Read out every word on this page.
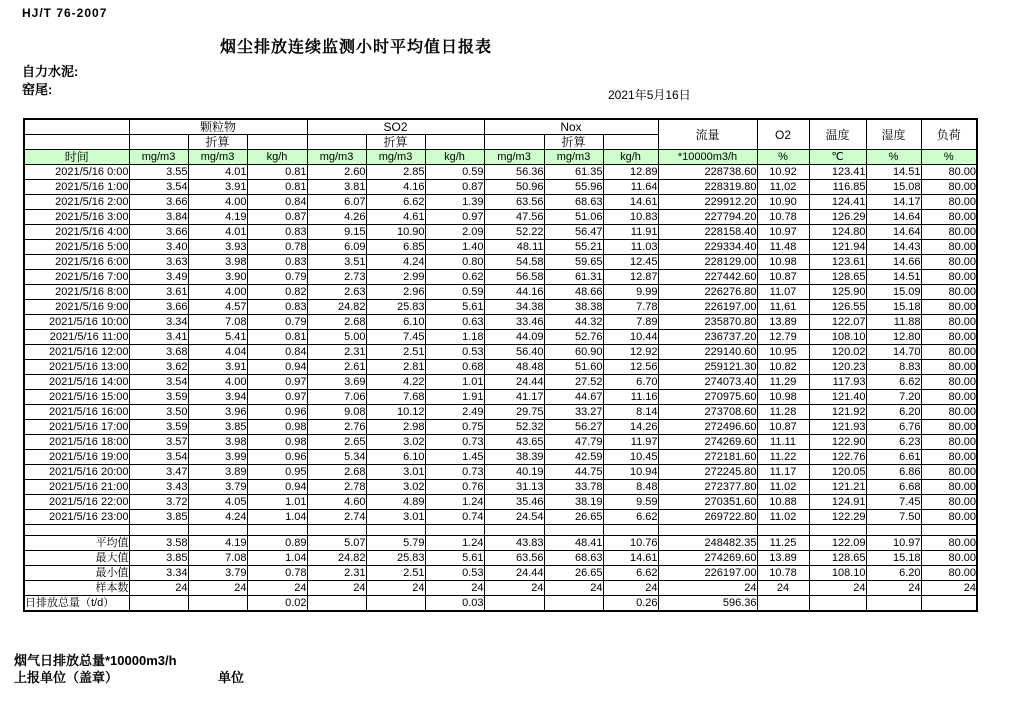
HJ/T 76-2007
烟尘排放连续监测小时平均值日报表
自力水泥:
窑尾:	2021年5月16日
	颗粒物			SO2			Nox			流量	O2	温度	湿度	负荷
		折算			折算			折算						
时间	mg/m3	mg/m3	kg/h	mg/m3	mg/m3	kg/h	mg/m3	mg/m3	kg/h	*10000m3/h	%	℃	%	%
2021/5/16 0:00	3.55	4.01	0.81	2.60	2.85	0.59	56.36	61.35	12.89	228738.60	10.92	123.41	14.51	80.00
2021/5/16 1:00	3.54	3.91	0.81	3.81	4.16	0.87	50.96	55.96	11.64	228319.80	11.02	116.85	15.08	80.00
2021/5/16 2:00	3.66	4.00	0.84	6.07	6.62	1.39	63.56	68.63	14.61	229912.20	10.90	124.41	14.17	80.00
2021/5/16 3:00	3.84	4.19	0.87	4.26	4.61	0.97	47.56	51.06	10.83	227794.20	10.78	126.29	14.64	80.00
2021/5/16 4:00	3.66	4.01	0.83	9.15	10.90	2.09	52.22	56.47	11.91	228158.40	10.97	124.80	14.64	80.00
2021/5/16 5:00	3.40	3.93	0.78	6.09	6.85	1.40	48.11	55.21	11.03	229334.40	11.48	121.94	14.43	80.00
2021/5/16 6:00	3.63	3.98	0.83	3.51	4.24	0.80	54.58	59.65	12.45	228129.00	10.98	123.61	14.66	80.00
2021/5/16 7:00	3.49	3.90	0.79	2.73	2.99	0.62	56.58	61.31	12.87	227442.60	10.87	128.65	14.51	80.00
2021/5/16 8:00	3.61	4.00	0.82	2.63	2.96	0.59	44.16	48.66	9.99	226276.80	11.07	125.90	15.09	80.00
2021/5/16 9:00	3.66	4.57	0.83	24.82	25.83	5.61	34.38	38.38	7.78	226197.00	11.61	126.55	15.18	80.00
2021/5/16 10:00	3.34	7.08	0.79	2.68	6.10	0.63	33.46	44.32	7.89	235870.80	13.89	122.07	11.88	80.00
2021/5/16 11:00	3.41	5.41	0.81	5.00	7.45	1.18	44.09	52.76	10.44	236737.20	12.79	108.10	12.80	80.00
2021/5/16 12:00	3.68	4.04	0.84	2.31	2.51	0.53	56.40	60.90	12.92	229140.60	10.95	120.02	14.70	80.00
2021/5/16 13:00	3.62	3.91	0.94	2.61	2.81	0.68	48.48	51.60	12.56	259121.30	10.82	120.23	8.83	80.00
2021/5/16 14:00	3.54	4.00	0.97	3.69	4.22	1.01	24.44	27.52	6.70	274073.40	11.29	117.93	6.62	80.00
2021/5/16 15:00	3.59	3.94	0.97	7.06	7.68	1.91	41.17	44.67	11.16	270975.60	10.98	121.40	7.20	80.00
2021/5/16 16:00	3.50	3.96	0.96	9.08	10.12	2.49	29.75	33.27	8.14	273708.60	11.28	121.92	6.20	80.00
2021/5/16 17:00	3.59	3.85	0.98	2.76	2.98	0.75	52.32	56.27	14.26	272496.60	10.87	121.93	6.76	80.00
2021/5/16 18:00	3.57	3.98	0.98	2.65	3.02	0.73	43.65	47.79	11.97	274269.60	11.11	122.90	6.23	80.00
2021/5/16 19:00	3.54	3.99	0.96	5.34	6.10	1.45	38.39	42.59	10.45	272181.60	11.22	122.76	6.61	80.00
2021/5/16 20:00	3.47	3.89	0.95	2.68	3.01	0.73	40.19	44.75	10.94	272245.80	11.17	120.05	6.86	80.00
2021/5/16 21:00	3.43	3.79	0.94	2.78	3.02	0.76	31.13	33.78	8.48	272377.80	11.02	121.21	6.68	80.00
2021/5/16 22:00	3.72	4.05	1.01	4.60	4.89	1.24	35.46	38.19	9.59	270351.60	10.88	124.91	7.45	80.00
2021/5/16 23:00	3.85	4.24	1.04	2.74	3.01	0.74	24.54	26.65	6.62	269722.80	11.02	122.29	7.50	80.00

平均值	3.58	4.19	0.89	5.07	5.79	1.24	43.83	48.41	10.76	248482.35	11.25	122.09	10.97	80.00
最大值	3.85	7.08	1.04	24.82	25.83	5.61	63.56	68.63	14.61	274269.60	13.89	128.65	15.18	80.00
最小值	3.34	3.79	0.78	2.31	2.51	0.53	24.44	26.65	6.62	226197.00	10.78	108.10	6.20	80.00
样本数	24	24	24	24	24	24	24	24	24	24	24	24	24	24
日排放总量（t/d）			0.02			0.03			0.26	596.36				
烟气日排放总量*10000m3/h
上报单位（盖章）	单位
